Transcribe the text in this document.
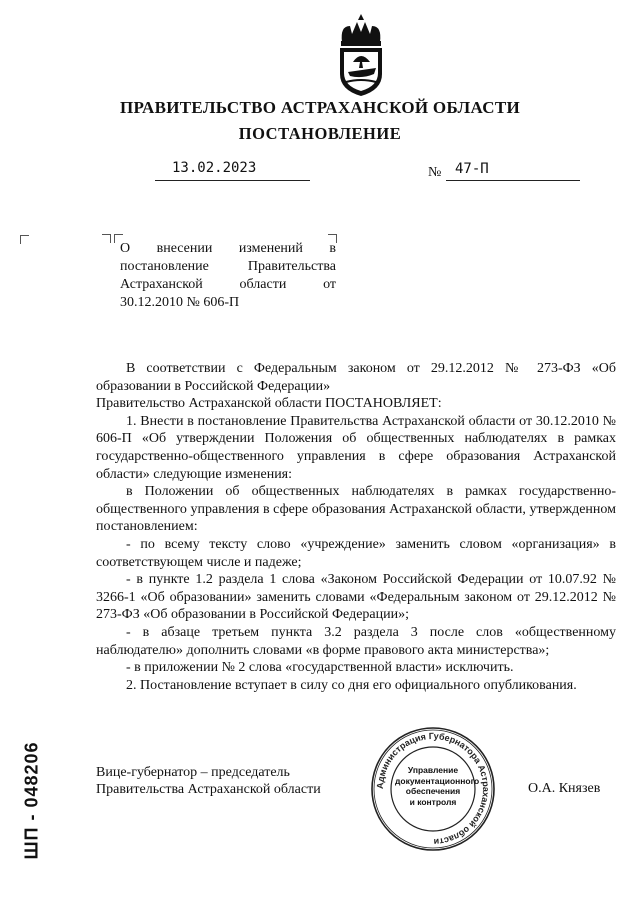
ПРАВИТЕЛЬСТВО АСТРАХАНСКОЙ ОБЛАСТИ
ПОСТАНОВЛЕНИЕ
13.02.2023	№ 47-П
О внесении изменений в постановление Правительства Астраханской области от 30.12.2010 № 606-П

В соответствии с Федеральным законом от 29.12.2012 № 273-ФЗ «Об образовании в Российской Федерации»

Правительство Астраханской области ПОСТАНОВЛЯЕТ:

1. Внести в постановление Правительства Астраханской области от 30.12.2010 № 606-П «Об утверждении Положения об общественных наблюдателях в рамках государственно-общественного управления в сфере образования Астраханской области» следующие изменения:

в Положении об общественных наблюдателях в рамках государственно-общественного управления в сфере образования Астраханской области, утвержденном постановлением:

- по всему тексту слово «учреждение» заменить словом «организация» в соответствующем числе и падеже;

- в пункте 1.2 раздела 1 слова «Законом Российской Федерации от 10.07.92 № 3266-1 «Об образовании» заменить словами «Федеральным законом от 29.12.2012 № 273-ФЗ «Об образовании в Российской Федерации»;

- в абзаце третьем пункта 3.2 раздела 3 после слов «общественному наблюдателю» дополнить словами «в форме правового акта министерства»;

- в приложении № 2 слова «государственной власти» исключить.

2. Постановление вступает в силу со дня его официального опубликования.

Вице-губернатор – председатель
Правительства Астраханской области	Администрация Губернатора Астраханской области
Управление
документационного
обеспечения
и контроля
О.А. Князев
ШП - 048206
